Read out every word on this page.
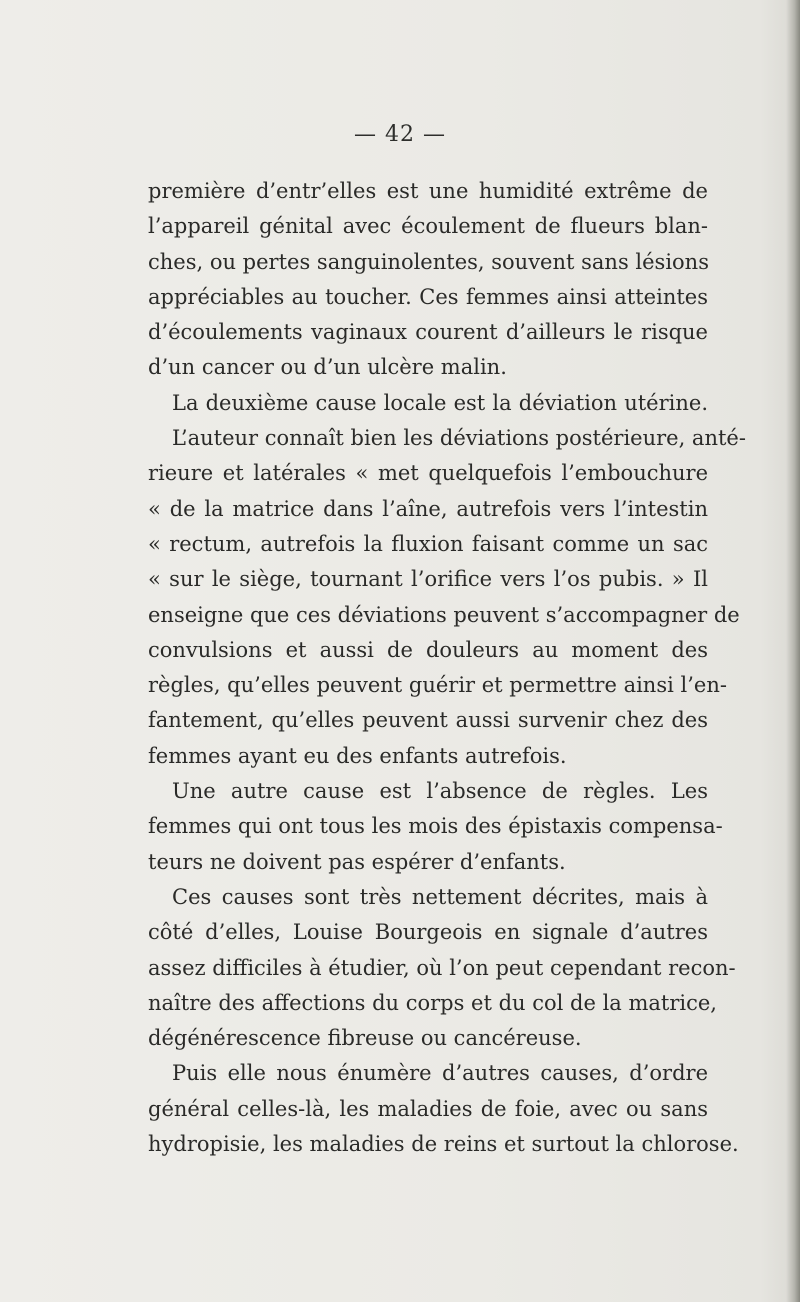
— 42 —
première d’entr’elles est une humidité extrême de
l’appareil génital avec écoulement de flueurs blan-
ches, ou pertes sanguinolentes, souvent sans lésions
appréciables au toucher. Ces femmes ainsi atteintes
d’écoulements vaginaux courent d’ailleurs le risque
d’un cancer ou d’un ulcère malin.
La deuxième cause locale est la déviation utérine.
L’auteur connaît bien les déviations postérieure, anté-
rieure et latérales « met quelquefois l’embouchure
« de la matrice dans l’aîne, autrefois vers l’intestin
« rectum, autrefois la fluxion faisant comme un sac
« sur le siège, tournant l’orifice vers l’os pubis. » Il
enseigne que ces déviations peuvent s’accompagner de
convulsions et aussi de douleurs au moment des
règles, qu’elles peuvent guérir et permettre ainsi l’en-
fantement, qu’elles peuvent aussi survenir chez des
femmes ayant eu des enfants autrefois.
Une autre cause est l’absence de règles. Les
femmes qui ont tous les mois des épistaxis compensa-
teurs ne doivent pas espérer d’enfants.
Ces causes sont très nettement décrites, mais à
côté d’elles, Louise Bourgeois en signale d’autres
assez difficiles à étudier, où l’on peut cependant recon-
naître des affections du corps et du col de la matrice,
dégénérescence fibreuse ou cancéreuse.
Puis elle nous énumère d’autres causes, d’ordre
général celles-là, les maladies de foie, avec ou sans
hydropisie, les maladies de reins et surtout la chlorose.
